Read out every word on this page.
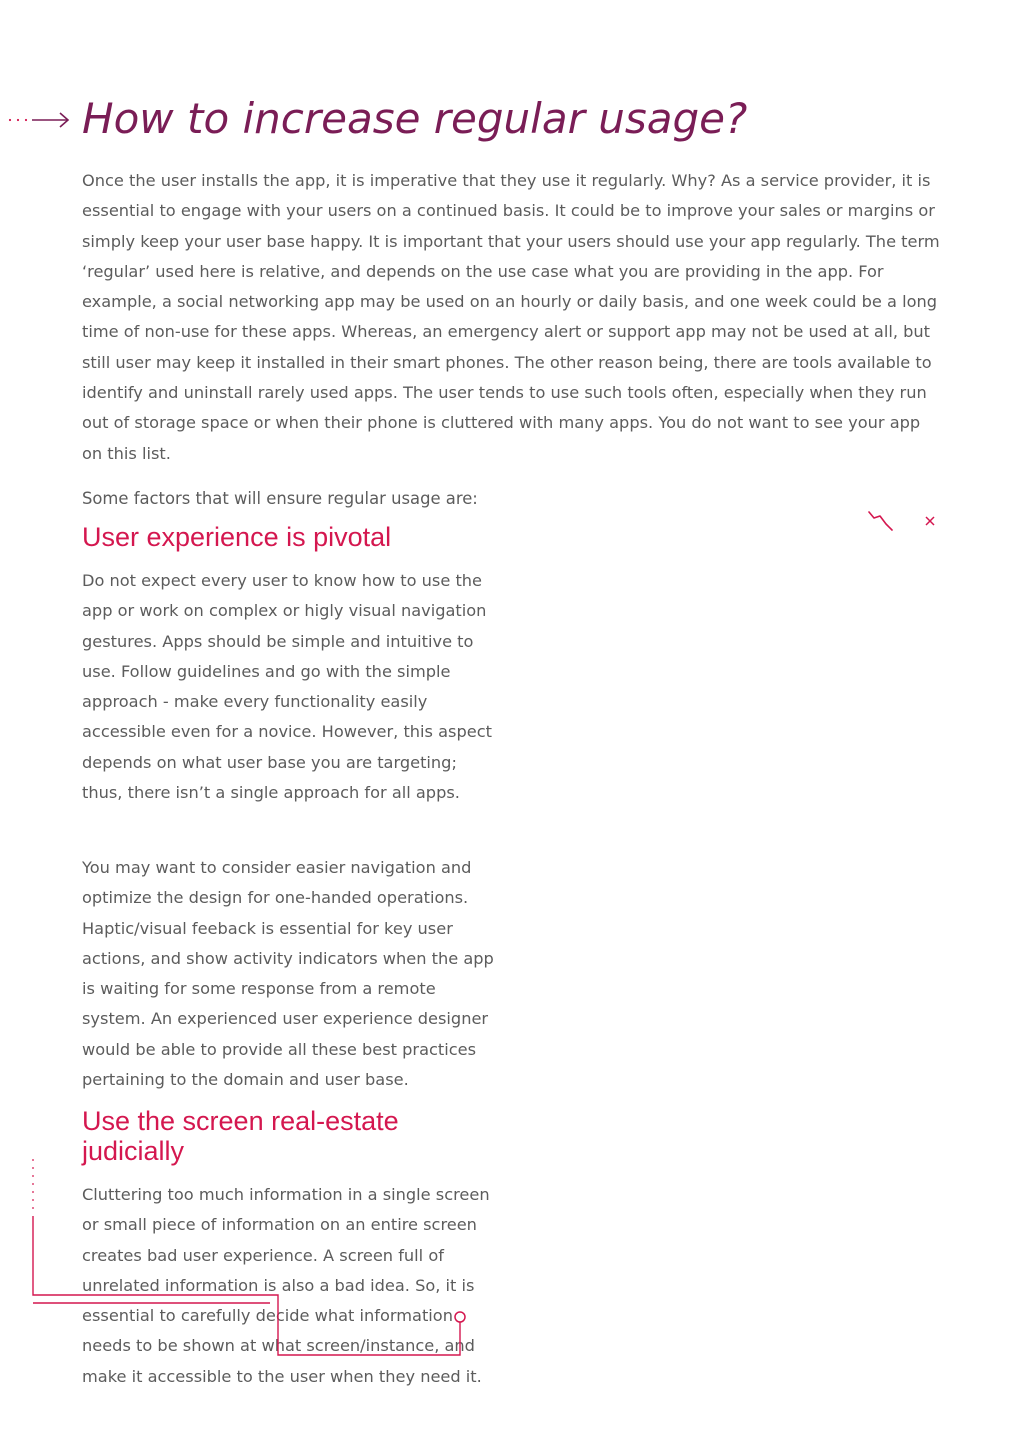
How to increase regular usage?

Once the user installs the app, it is imperative that they use it regularly. Why? As a service provider, it is essential to engage with your users on a continued basis. It could be to improve your sales or margins or simply keep your user base happy. It is important that your users should use your app regularly. The term ‘regular’ used here is relative, and depends on the use case what you are providing in the app. For example, a social networking app may be used on an hourly or daily basis, and one week could be a long time of non-use for these apps. Whereas, an emergency alert or support app may not be used at all, but still user may keep it installed in their smart phones. The other reason being, there are tools available to identify and uninstall rarely used apps. The user tends to use such tools often, especially when they run out of storage space or when their phone is cluttered with many apps. You do not want to see your app on this list.

Some factors that will ensure regular usage are:

User experience is pivotal

Do not expect every user to know how to use the app or work on complex or higly visual navigation gestures. Apps should be simple and intuitive to use. Follow guidelines and go with the simple approach - make every functionality easily accessible even for a novice. However, this aspect depends on what user base you are targeting; thus, there isn’t a single approach for all apps.

You may want to consider easier navigation and optimize the design for one-handed operations. Haptic/visual feeback is essential for key user actions, and show activity indicators when the app is waiting for some response from a remote system. An experienced user experience designer would be able to provide all these best practices pertaining to the domain and user base.

Use the screen real-estate judicially

Cluttering too much information in a single screen or small piece of information on an entire screen creates bad user experience. A screen full of unrelated information is also a bad idea. So, it is essential to carefully decide what information needs to be shown at what screen/instance, and make it accessible to the user when they need it.
